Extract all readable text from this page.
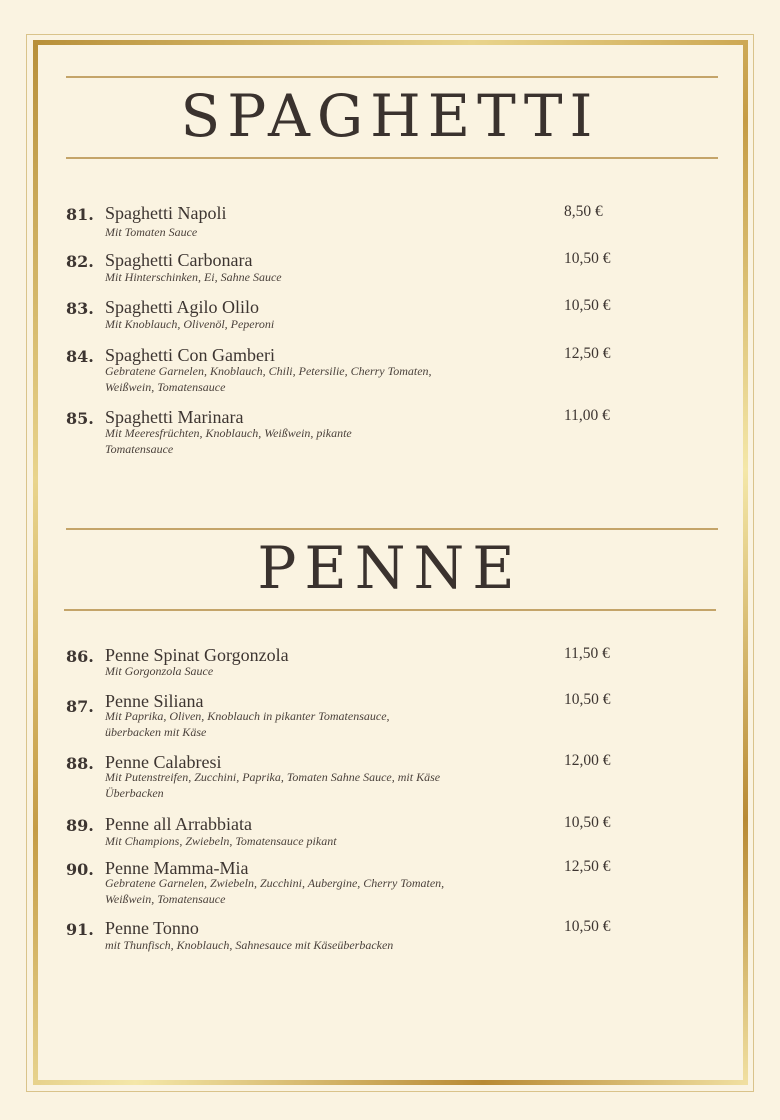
SPAGHETTI
81. Spaghetti Napoli	8,50 €
Mit Tomaten Sauce
82. Spaghetti Carbonara	10,50 €
Mit Hinterschinken, Ei, Sahne Sauce
83. Spaghetti Agilo Olilo	10,50 €
Mit Knoblauch, Olivenöl, Peperoni
84. Spaghetti Con Gamberi	12,50 €
Gebratene Garnelen, Knoblauch, Chili, Petersilie, Cherry Tomaten, Weißwein, Tomatensauce
85. Spaghetti Marinara	11,00 €
Mit Meeresfrüchten, Knoblauch, Weißwein, pikante Tomatensauce
PENNE
86. Penne Spinat Gorgonzola	11,50 €
Mit Gorgonzola Sauce
87. Penne Siliana	10,50 €
Mit Paprika, Oliven, Knoblauch in pikanter Tomatensauce, überbacken mit Käse
88. Penne Calabresi	12,00 €
Mit Putenstreifen, Zucchini, Paprika, Tomaten Sahne Sauce, mit Käse Überbacken
89. Penne all Arrabbiata	10,50 €
Mit Champions, Zwiebeln, Tomatensauce pikant
90. Penne Mamma-Mia	12,50 €
Gebratene Garnelen, Zwiebeln, Zucchini, Aubergine, Cherry Tomaten, Weißwein, Tomatensauce
91. Penne Tonno	10,50 €
mit Thunfisch, Knoblauch, Sahnesauce mit Käseüberbacken
